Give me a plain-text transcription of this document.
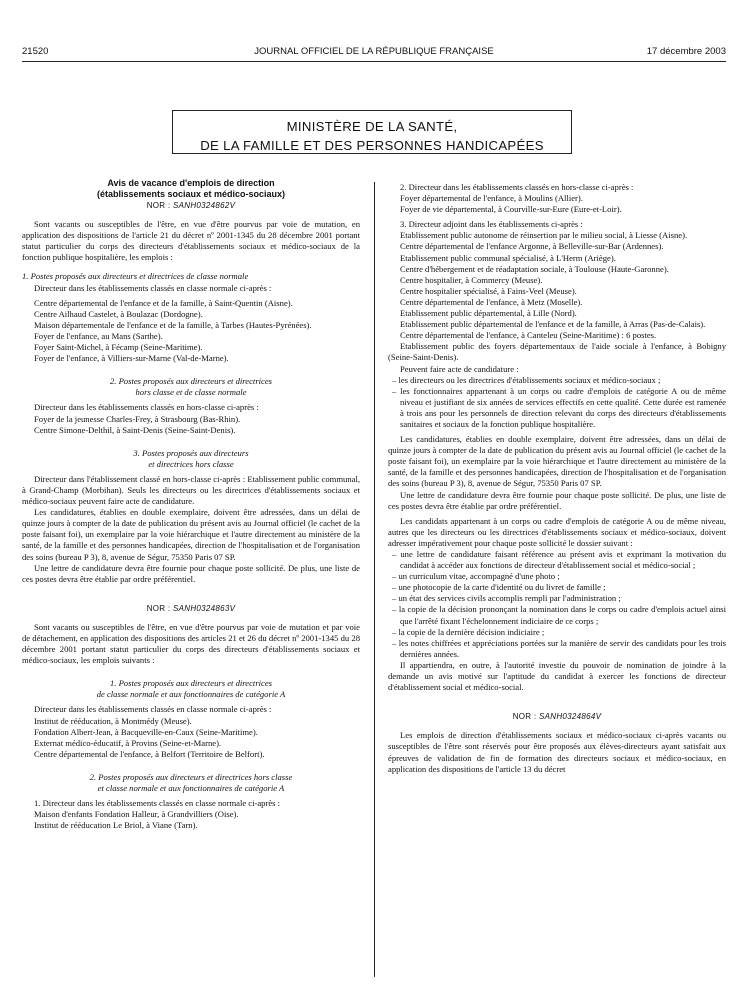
21520	JOURNAL OFFICIEL DE LA RÉPUBLIQUE FRANÇAISE	17 décembre 2003
MINISTÈRE DE LA SANTÉ,
DE LA FAMILLE ET DES PERSONNES HANDICAPÉES

Avis de vacance d'emplois de direction

(établissements sociaux et médico-sociaux)

NOR : SANH0324862V

Sont vacants ou susceptibles de l'être, en vue d'être pourvus par voie de mutation, en application des dispositions de l'article 21 du décret nº 2001-1345 du 28 décembre 2001 portant statut particulier du corps des directeurs d'établissements sociaux et médico-sociaux de la fonction publique hospitalière, les emplois :

1. Postes proposés aux directeurs et directrices de classe normale

Directeur dans les établissements classés en classe normale ci-après :

Centre départemental de l'enfance et de la famille, à Saint-Quentin (Aisne).

Centre Ailhaud Castelet, à Boulazac (Dordogne).

Maison départementale de l'enfance et de la famille, à Tarbes (Hautes-Pyrénées).

Foyer de l'enfance, au Mans (Sarthe).

Foyer Saint-Michel, à Fécamp (Seine-Maritime).

Foyer de l'enfance, à Villiers-sur-Marne (Val-de-Marne).

2. Postes proposés aux directeurs et directrices

hors classe et de classe normale

Directeur dans les établissements classés en hors-classe ci-après :

Foyer de la jeunesse Charles-Frey, à Strasbourg (Bas-Rhin).

Centre Simone-Delthil, à Saint-Denis (Seine-Saint-Denis).

3. Postes proposés aux directeurs

et directrices hors classe

Directeur dans l'établissement classé en hors-classe ci-après : Etablissement public communal, à Grand-Champ (Morbihan). Seuls les directeurs ou les directrices d'établissements sociaux et médico-sociaux peuvent faire acte de candidature.

Les candidatures, établies en double exemplaire, doivent être adressées, dans un délai de quinze jours à compter de la date de publication du présent avis au Journal officiel (le cachet de la poste faisant foi), un exemplaire par la voie hiérarchique et l'autre directement au ministère de la santé, de la famille et des personnes handicapées, direction de l'hospitalisation et de l'organisation des soins (bureau P 3), 8, avenue de Ségur, 75350 Paris 07 SP.

Une lettre de candidature devra être fournie pour chaque poste sollicité. De plus, une liste de ces postes devra être établie par ordre préférentiel.

NOR : SANH0324863V

Sont vacants ou susceptibles de l'être, en vue d'être pourvus par voie de mutation et par voie de détachement, en application des dispositions des articles 21 et 26 du décret nº 2001-1345 du 28 décembre 2001 portant statut particulier du corps des directeurs d'établissements sociaux et médico-sociaux, les emplois suivants :

1. Postes proposés aux directeurs et directrices

de classe normale et aux fonctionnaires de catégorie A

Directeur dans les établissements classés en classe normale ci-après :

Institut de rééducation, à Montmédy (Meuse).

Fondation Albert-Jean, à Bacqueville-en-Caux (Seine-Maritime).

Externat médico-éducatif, à Provins (Seine-et-Marne).

Centre départemental de l'enfance, à Belfort (Territoire de Belfort).

2. Postes proposés aux directeurs et directrices hors classe

et classe normale et aux fonctionnaires de catégorie A

1. Directeur dans les établissements classés en classe normale ci-après :

Maison d'enfants Fondation Halleur, à Grandvilliers (Oise).

Institut de rééducation Le Briol, à Viane (Tarn).

2. Directeur dans les établissements classés en hors-classe ci-après :

Foyer départemental de l'enfance, à Moulins (Allier).

Foyer de vie départemental, à Courville-sur-Eure (Eure-et-Loir).

3. Directeur adjoint dans les établissements ci-après :

Etablissement public autonome de réinsertion par le milieu social, à Liesse (Aisne).

Centre départemental de l'enfance Argonne, à Belleville-sur-Bar (Ardennes).

Etablissement public communal spécialisé, à L'Herm (Ariège).

Centre d'hébergement et de réadaptation sociale, à Toulouse (Haute-Garonne).

Centre hospitalier, à Commercy (Meuse).

Centre hospitalier spécialisé, à Fains-Veel (Meuse).

Centre départemental de l'enfance, à Metz (Moselle).

Etablissement public départemental, à Lille (Nord).

Etablissement public départemental de l'enfance et de la famille, à Arras (Pas-de-Calais).

Centre départemental de l'enfance, à Canteleu (Seine-Maritime) : 6 postes.

Etablissement public des foyers départementaux de l'aide sociale à l'enfance, à Bobigny (Seine-Saint-Denis).

Peuvent faire acte de candidature :

– les directeurs ou les directrices d'établissements sociaux et médico-sociaux ;

– les fonctionnaires appartenant à un corps ou cadre d'emplois de catégorie A ou de même niveau et justifiant de six années de services effectifs en cette qualité. Cette durée est ramenée à trois ans pour les personnels de direction relevant du corps des directeurs d'établissements sanitaires et sociaux de la fonction publique hospitalière.

Les candidatures, établies en double exemplaire, doivent être adressées, dans un délai de quinze jours à compter de la date de publication du présent avis au Journal officiel (le cachet de la poste faisant foi), un exemplaire par la voie hiérarchique et l'autre directement au ministère de la santé, de la famille et des personnes handicapées, direction de l'hospitalisation et de l'organisation des soins (bureau P 3), 8, avenue de Ségur, 75350 Paris 07 SP.

Une lettre de candidature devra être fournie pour chaque poste sollicité. De plus, une liste de ces postes devra être établie par ordre préférentiel.

Les candidats appartenant à un corps ou cadre d'emplois de catégorie A ou de même niveau, autres que les directeurs ou les directrices d'établissements sociaux et médico-sociaux, doivent adresser impérativement pour chaque poste sollicité le dossier suivant :

– une lettre de candidature faisant référence au présent avis et exprimant la motivation du candidat à accéder aux fonctions de directeur d'établissement social et médico-social ;

– un curriculum vitae, accompagné d'une photo ;

– une photocopie de la carte d'identité ou du livret de famille ;

– un état des services civils accomplis rempli par l'administration ;

– la copie de la décision prononçant la nomination dans le corps ou cadre d'emplois actuel ainsi que l'arrêté fixant l'échelonnement indiciaire de ce corps ;

– la copie de la dernière décision indiciaire ;

– les notes chiffrées et appréciations portées sur la manière de servir des candidats pour les trois dernières années.

Il appartiendra, en outre, à l'autorité investie du pouvoir de nomination de joindre à la demande un avis motivé sur l'aptitude du candidat à exercer les fonctions de directeur d'établissement social et médico-social.

NOR : SANH0324864V

Les emplois de direction d'établissements sociaux et médico-sociaux ci-après vacants ou susceptibles de l'être sont réservés pour être proposés aux élèves-directeurs ayant satisfait aux épreuves de validation de fin de formation des directeurs sociaux et médico-sociaux, en application des dispositions de l'article 13 du décret
